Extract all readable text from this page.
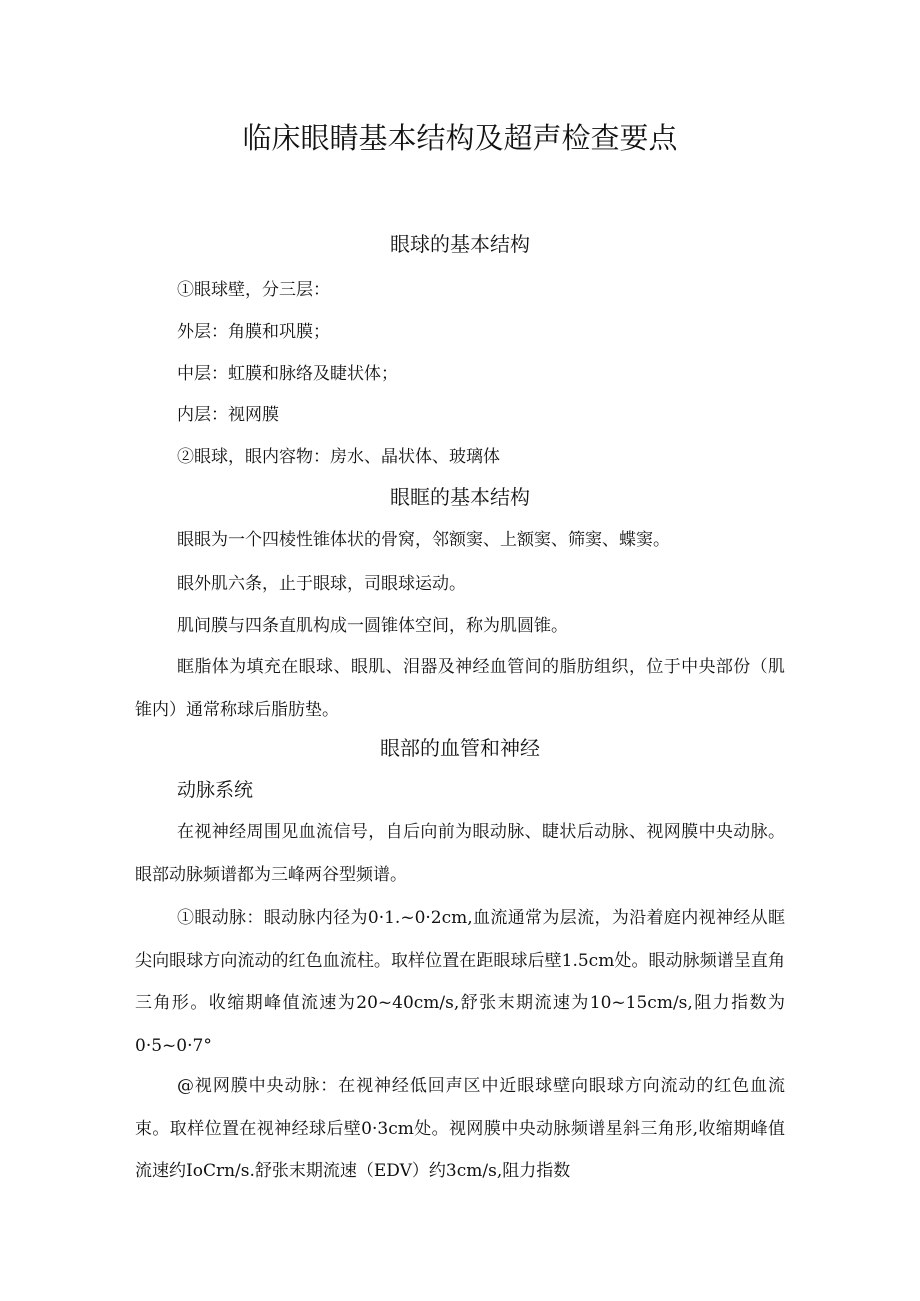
临床眼睛基本结构及超声检查要点
眼球的基本结构

①眼球壁，分三层：

外层：角膜和巩膜；

中层：虹膜和脉络及睫状体；

内层：视网膜

②眼球，眼内容物：房水、晶状体、玻璃体

眼眶的基本结构

眼眼为一个四棱性锥体状的骨窝，邻额窦、上额窦、筛窦、蝶窦。

眼外肌六条，止于眼球，司眼球运动。

肌间膜与四条直肌构成一圆锥体空间，称为肌圆锥。

眶脂体为填充在眼球、眼肌、泪器及神经血管间的脂肪组织，位于中央部份（肌锥内）通常称球后脂肪垫。

眼部的血管和神经
动脉系统

在视神经周围见血流信号，自后向前为眼动脉、睫状后动脉、视网膜中央动脉。眼部动脉频谱都为三峰两谷型频谱。

①眼动脉：眼动脉内径为0·1.~0·2cm,血流通常为层流，为沿着庭内视神经从眶尖向眼球方向流动的红色血流柱。取样位置在距眼球后壁1.5cm处。眼动脉频谱呈直角三角形。收缩期峰值流速为20~40cm∕s,舒张末期流速为10~15cm∕s,阻力指数为0·5~0·7°

@视网膜中央动脉：在视神经低回声区中近眼球壁向眼球方向流动的红色血流束。取样位置在视神经球后壁0·3cm处。视网膜中央动脉频谱星斜三角形,收缩期峰值流速约IoCrn∕s.舒张末期流速（EDV）约3cm∕s,阻力指数
